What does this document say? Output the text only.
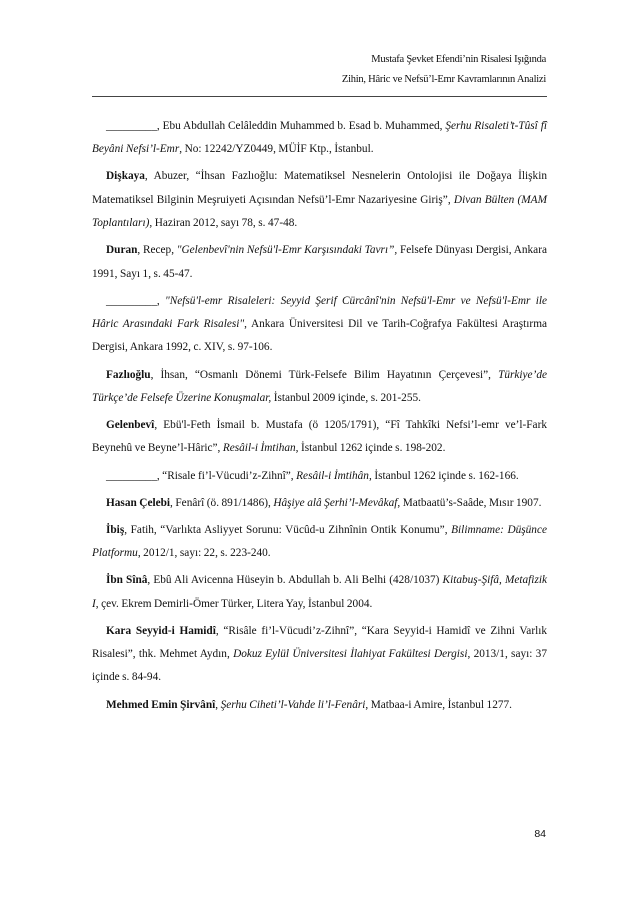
Mustafa Şevket Efendi’nin Risalesi Işığında
Zihin, Hâric ve Nefsü’l-Emr Kavramlarının Analizi

_________, Ebu Abdullah Celâleddin Muhammed b. Esad b. Muhammed, Şerhu Risaleti’t-Tûsî fî Beyâni Nefsi’l-Emr, No: 12242/YZ0449, MÜİF Ktp., İstanbul.

Dişkaya, Abuzer, “İhsan Fazlıoğlu: Matematiksel Nesnelerin Ontolojisi ile Doğaya İlişkin Matematiksel Bilginin Meşruiyeti Açısından Nefsü’l-Emr Nazariyesine Giriş”, Divan Bülten (MAM Toplantıları), Haziran 2012, sayı 78, s. 47-48.

Duran, Recep, "Gelenbevî'nin Nefsü'l-Emr Karşısındaki Tavrı”, Felsefe Dünyası Dergisi, Ankara 1991, Sayı 1, s. 45-47.

_________, "Nefsü'l-emr Risaleleri: Seyyid Şerif Cürcânî'nin Nefsü'l-Emr ve Nefsü'l-Emr ile Hâric Arasındaki Fark Risalesi", Ankara Üniversitesi Dil ve Tarih-Coğrafya Fakültesi Araştırma Dergisi, Ankara 1992, c. XIV, s. 97-106.

Fazlıoğlu, İhsan, “Osmanlı Dönemi Türk-Felsefe Bilim Hayatının Çerçevesi”, Türkiye’de Türkçe’de Felsefe Üzerine Konuşmalar, İstanbul 2009 içinde, s. 201-255.

Gelenbevî, Ebü'l-Feth İsmail b. Mustafa (ö 1205/1791), “Fî Tahkîki Nefsi’l-emr ve’l-Fark Beynehû ve Beyne’l-Hâric”, Resâil-i İmtihan, İstanbul 1262 içinde s. 198-202.

_________, “Risale fi’l-Vücudi’z-Zihnî”, Resâil-i İmtihân, İstanbul 1262 içinde s. 162-166.

Hasan Çelebi, Fenârî (ö. 891/1486), Hâşiye alâ Şerhi’l-Mevâkaf, Matbaatü’s-Saâde, Mısır 1907.

İbiş, Fatih, “Varlıkta Asliyyet Sorunu: Vücûd-u Zihnînin Ontik Konumu”, Bilimname: Düşünce Platformu, 2012/1, sayı: 22, s. 223-240.

İbn Sînâ, Ebû Ali Avicenna Hüseyin b. Abdullah b. Ali Belhi (428/1037) Kitabuş-Şifâ, Metafizik I, çev. Ekrem Demirli-Ömer Türker, Litera Yay, İstanbul 2004.

Kara Seyyid-i Hamidî, “Risâle fi’l-Vücudi’z-Zihnî”, “Kara Seyyid-i Hamidî ve Zihni Varlık Risalesi”, thk. Mehmet Aydın, Dokuz Eylül Üniversitesi İlahiyat Fakültesi Dergisi, 2013/1, sayı: 37 içinde s. 84-94.

Mehmed Emin Şirvânî, Şerhu Ciheti’l-Vahde li’l-Fenâri, Matbaa-i Amire, İstanbul 1277.

84
